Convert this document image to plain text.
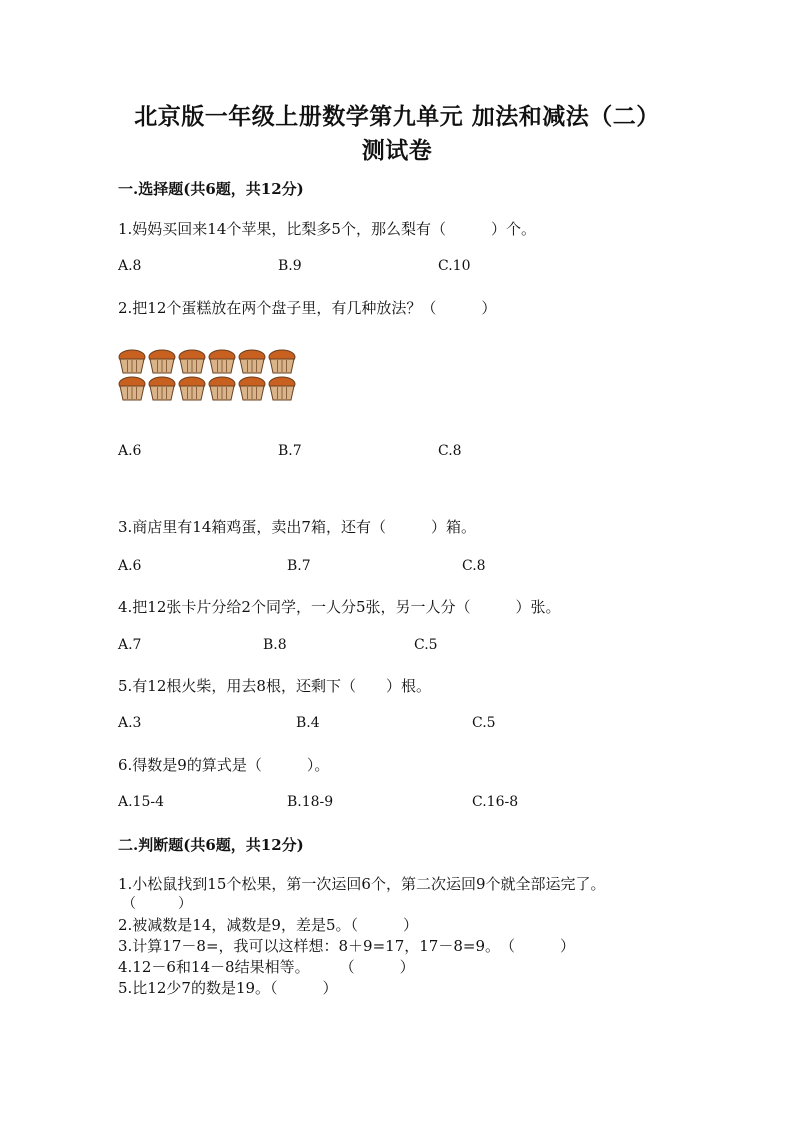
北京版一年级上册数学第九单元 加法和减法（二）
测试卷
一.选择题(共6题，共12分)
1.妈妈买回来14个苹果，比梨多5个，那么梨有（　　　）个。
A.8	B.9	C.10
2.把12个蛋糕放在两个盘子里，有几种放法？（　　　）
A.6	B.7	C.8
3.商店里有14箱鸡蛋，卖出7箱，还有（　　　）箱。
A.6	B.7	C.8
4.把12张卡片分给2个同学，一人分5张，另一人分（　　　）张。
A.7	B.8	C.5
5.有12根火柴，用去8根，还剩下（　　）根。
A.3	B.4	C.5
6.得数是9的算式是（　　　）。
A.15-4	B.18-9	C.16-8
二.判断题(共6题，共12分)
1.小松鼠找到15个松果，第一次运回6个，第二次运回9个就全部运完了。
（　　　）
2.被减数是14，减数是9，差是5。（　　　）
3.计算17－8=，我可以这样想：8＋9=17，17－8=9。　（　　　）
4.12－6和14－8结果相等。　　　（　　　）
5.比12少7的数是19。（　　　）
